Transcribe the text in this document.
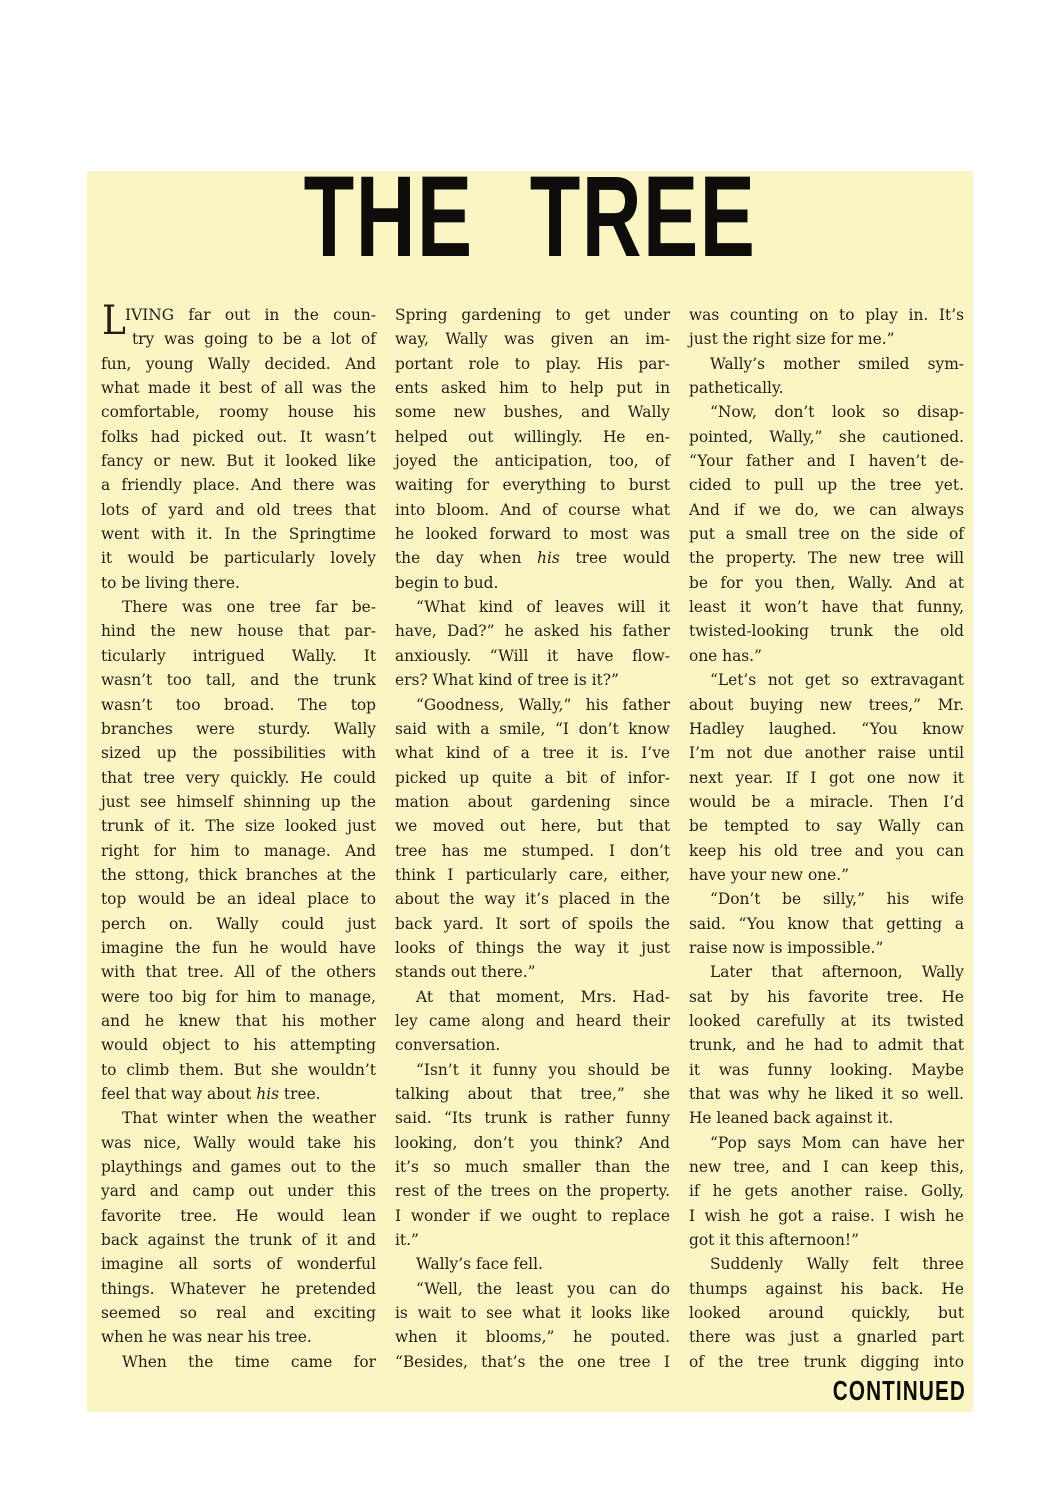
THE TREE
L IVING far out in the coun-
try was going to be a lot of
fun, young Wally decided. And
what made it best of all was the
comfortable, roomy house his
folks had picked out. It wasn’t
fancy or new. But it looked like
a friendly place. And there was
lots of yard and old trees that
went with it. In the Springtime
it would be particularly lovely
to be living there.
There was one tree far be-
hind the new house that par-
ticularly intrigued Wally. It
wasn’t too tall, and the trunk
wasn’t too broad. The top
branches were sturdy. Wally
sized up the possibilities with
that tree very quickly. He could
just see himself shinning up the
trunk of it. The size looked just
right for him to manage. And
the sttong, thick branches at the
top would be an ideal place to
perch on. Wally could just
imagine the fun he would have
with that tree. All of the others
were too big for him to manage,
and he knew that his mother
would object to his attempting
to climb them. But she wouldn’t
feel that way about his tree.
That winter when the weather
was nice, Wally would take his
playthings and games out to the
yard and camp out under this
favorite tree. He would lean
back against the trunk of it and
imagine all sorts of wonderful
things. Whatever he pretended
seemed so real and exciting
when he was near his tree.
When the time came for
Spring gardening to get under
way, Wally was given an im-
portant role to play. His par-
ents asked him to help put in
some new bushes, and Wally
helped out willingly. He en-
joyed the anticipation, too, of
waiting for everything to burst
into bloom. And of course what
he looked forward to most was
the day when his tree would
begin to bud.
“What kind of leaves will it
have, Dad?” he asked his father
anxiously. “Will it have flow-
ers? What kind of tree is it?”
“Goodness, Wally,” his father
said with a smile, “I don’t know
what kind of a tree it is. I’ve
picked up quite a bit of infor-
mation about gardening since
we moved out here, but that
tree has me stumped. I don’t
think I particularly care, either,
about the way it’s placed in the
back yard. It sort of spoils the
looks of things the way it just
stands out there.”
At that moment, Mrs. Had-
ley came along and heard their
conversation.
“Isn’t it funny you should be
talking about that tree,” she
said. “Its trunk is rather funny
looking, don’t you think? And
it’s so much smaller than the
rest of the trees on the property.
I wonder if we ought to replace
it.”
Wally’s face fell.
“Well, the least you can do
is wait to see what it looks like
when it blooms,” he pouted.
“Besides, that’s the one tree I
was counting on to play in. It’s
just the right size for me.”
Wally’s mother smiled sym-
pathetically.
“Now, don’t look so disap-
pointed, Wally,” she cautioned.
“Your father and I haven’t de-
cided to pull up the tree yet.
And if we do, we can always
put a small tree on the side of
the property. The new tree will
be for you then, Wally. And at
least it won’t have that funny,
twisted-looking trunk the old
one has.”
“Let’s not get so extravagant
about buying new trees,” Mr.
Hadley laughed. “You know
I’m not due another raise until
next year. If I got one now it
would be a miracle. Then I’d
be tempted to say Wally can
keep his old tree and you can
have your new one.”
“Don’t be silly,” his wife
said. “You know that getting a
raise now is impossible.”
Later that afternoon, Wally
sat by his favorite tree. He
looked carefully at its twisted
trunk, and he had to admit that
it was funny looking. Maybe
that was why he liked it so well.
He leaned back against it.
“Pop says Mom can have her
new tree, and I can keep this,
if he gets another raise. Golly,
I wish he got a raise. I wish he
got it this afternoon!”
Suddenly Wally felt three
thumps against his back. He
looked around quickly, but
there was just a gnarled part
of the tree trunk digging into
CONTINUED
